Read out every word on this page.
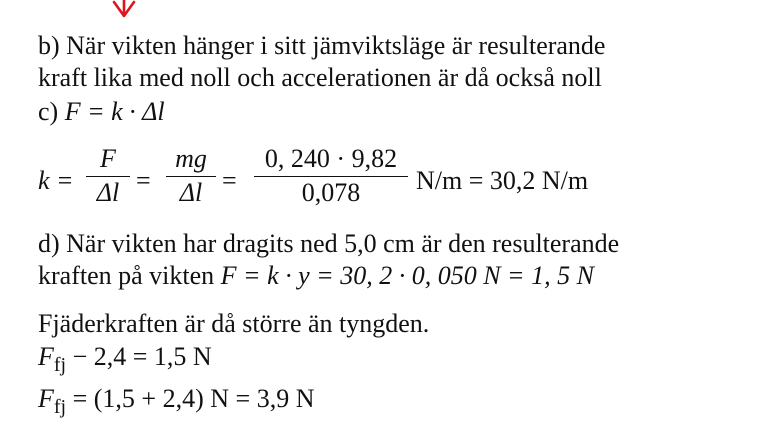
b) När vikten hänger i sitt jämviktsläge är resulterande
kraft lika med noll och accelerationen är då också noll
c) F = k · Δl
k =
F
Δl =
mg
Δl =
0, 240 · 9,82
0,078	N/m = 30,2 N/m
d) När vikten har dragits ned 5,0 cm är den resulterande
kraften på vikten F = k · y = 30, 2 · 0, 050 N = 1, 5 N
Fjäderkraften är då större än tyngden.
$F_{fj} - 2,4 = 1,5$ N
$F_{fj} = (1,5 + 2,4) N = 3,9$ N
